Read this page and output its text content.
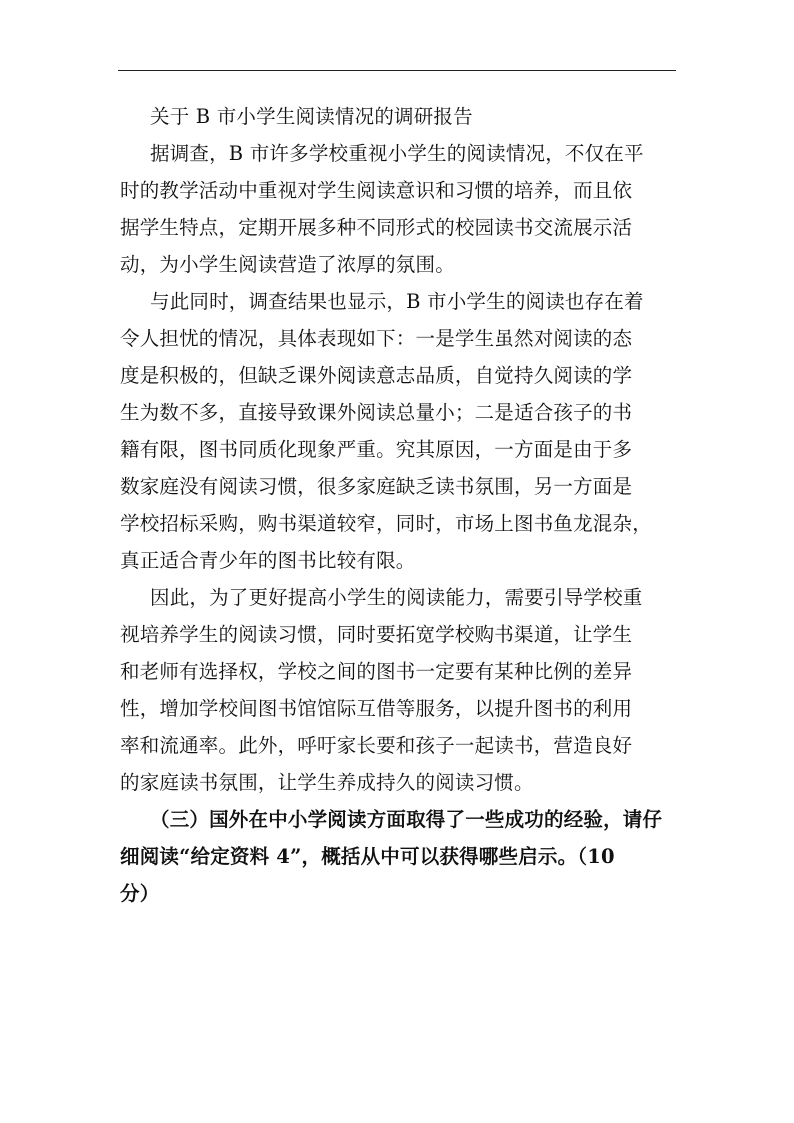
关于 B 市小学生阅读情况的调研报告
据调查，B 市许多学校重视小学生的阅读情况，不仅在平
时的教学活动中重视对学生阅读意识和习惯的培养，而且依
据学生特点，定期开展多种不同形式的校园读书交流展示活
动，为小学生阅读营造了浓厚的氛围。
与此同时，调查结果也显示，B 市小学生的阅读也存在着
令人担忧的情况，具体表现如下：一是学生虽然对阅读的态
度是积极的，但缺乏课外阅读意志品质，自觉持久阅读的学
生为数不多，直接导致课外阅读总量小；二是适合孩子的书
籍有限，图书同质化现象严重。究其原因，一方面是由于多
数家庭没有阅读习惯，很多家庭缺乏读书氛围，另一方面是
学校招标采购，购书渠道较窄，同时，市场上图书鱼龙混杂，
真正适合青少年的图书比较有限。
因此，为了更好提高小学生的阅读能力，需要引导学校重
视培养学生的阅读习惯，同时要拓宽学校购书渠道，让学生
和老师有选择权，学校之间的图书一定要有某种比例的差异
性，增加学校间图书馆馆际互借等服务，以提升图书的利用
率和流通率。此外，呼吁家长要和孩子一起读书，营造良好
的家庭读书氛围，让学生养成持久的阅读习惯。
（三）国外在中小学阅读方面取得了一些成功的经验，请仔
细阅读“给定资料 4”，概括从中可以获得哪些启示。（10
分）
